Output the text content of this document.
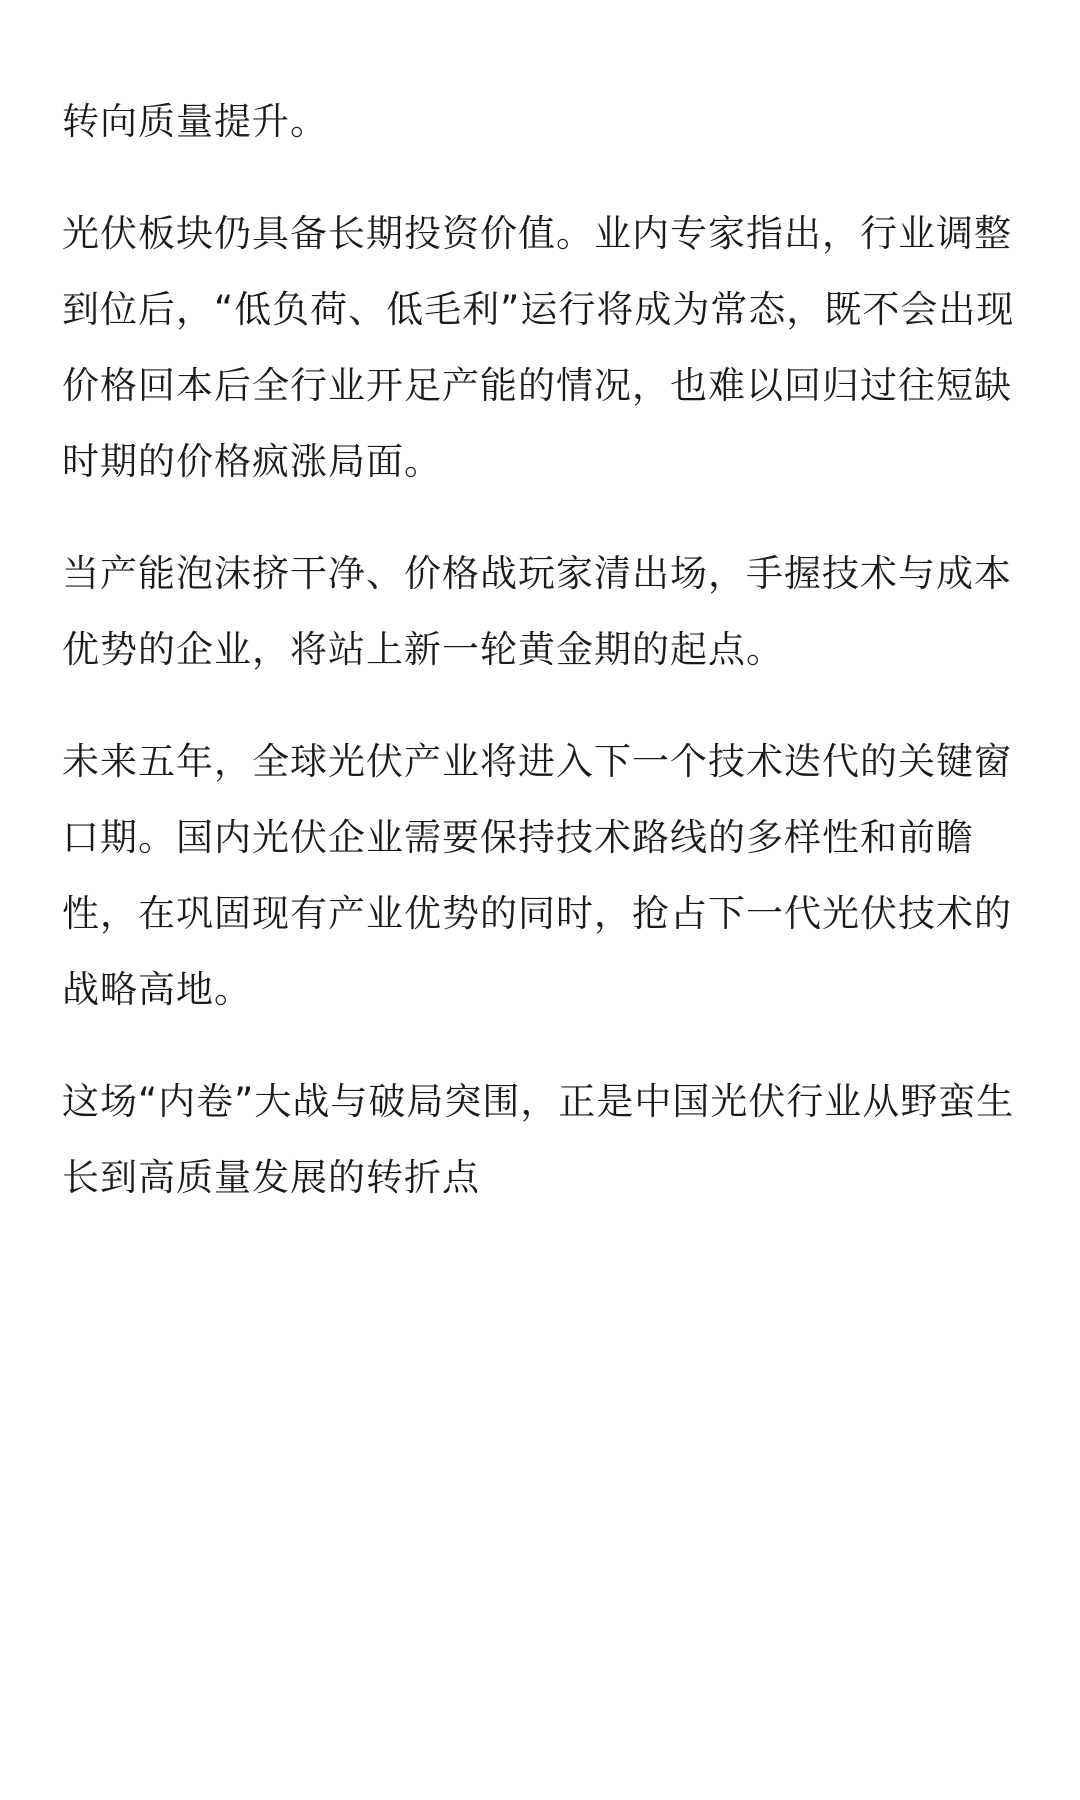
转向质量提升。

光伏板块仍具备长期投资价值。业内专家指出，行业调整到位后，“低负荷、低毛利”运行将成为常态，既不会出现价格回本后全行业开足产能的情况，也难以回归过往短缺时期的价格疯涨局面。

当产能泡沫挤干净、价格战玩家清出场，手握技术与成本优势的企业，将站上新一轮黄金期的起点。

未来五年，全球光伏产业将进入下一个技术迭代的关键窗口期。国内光伏企业需要保持技术路线的多样性和前瞻性，在巩固现有产业优势的同时，抢占下一代光伏技术的战略高地。

这场“内卷”大战与破局突围，正是中国光伏行业从野蛮生长到高质量发展的转折点
